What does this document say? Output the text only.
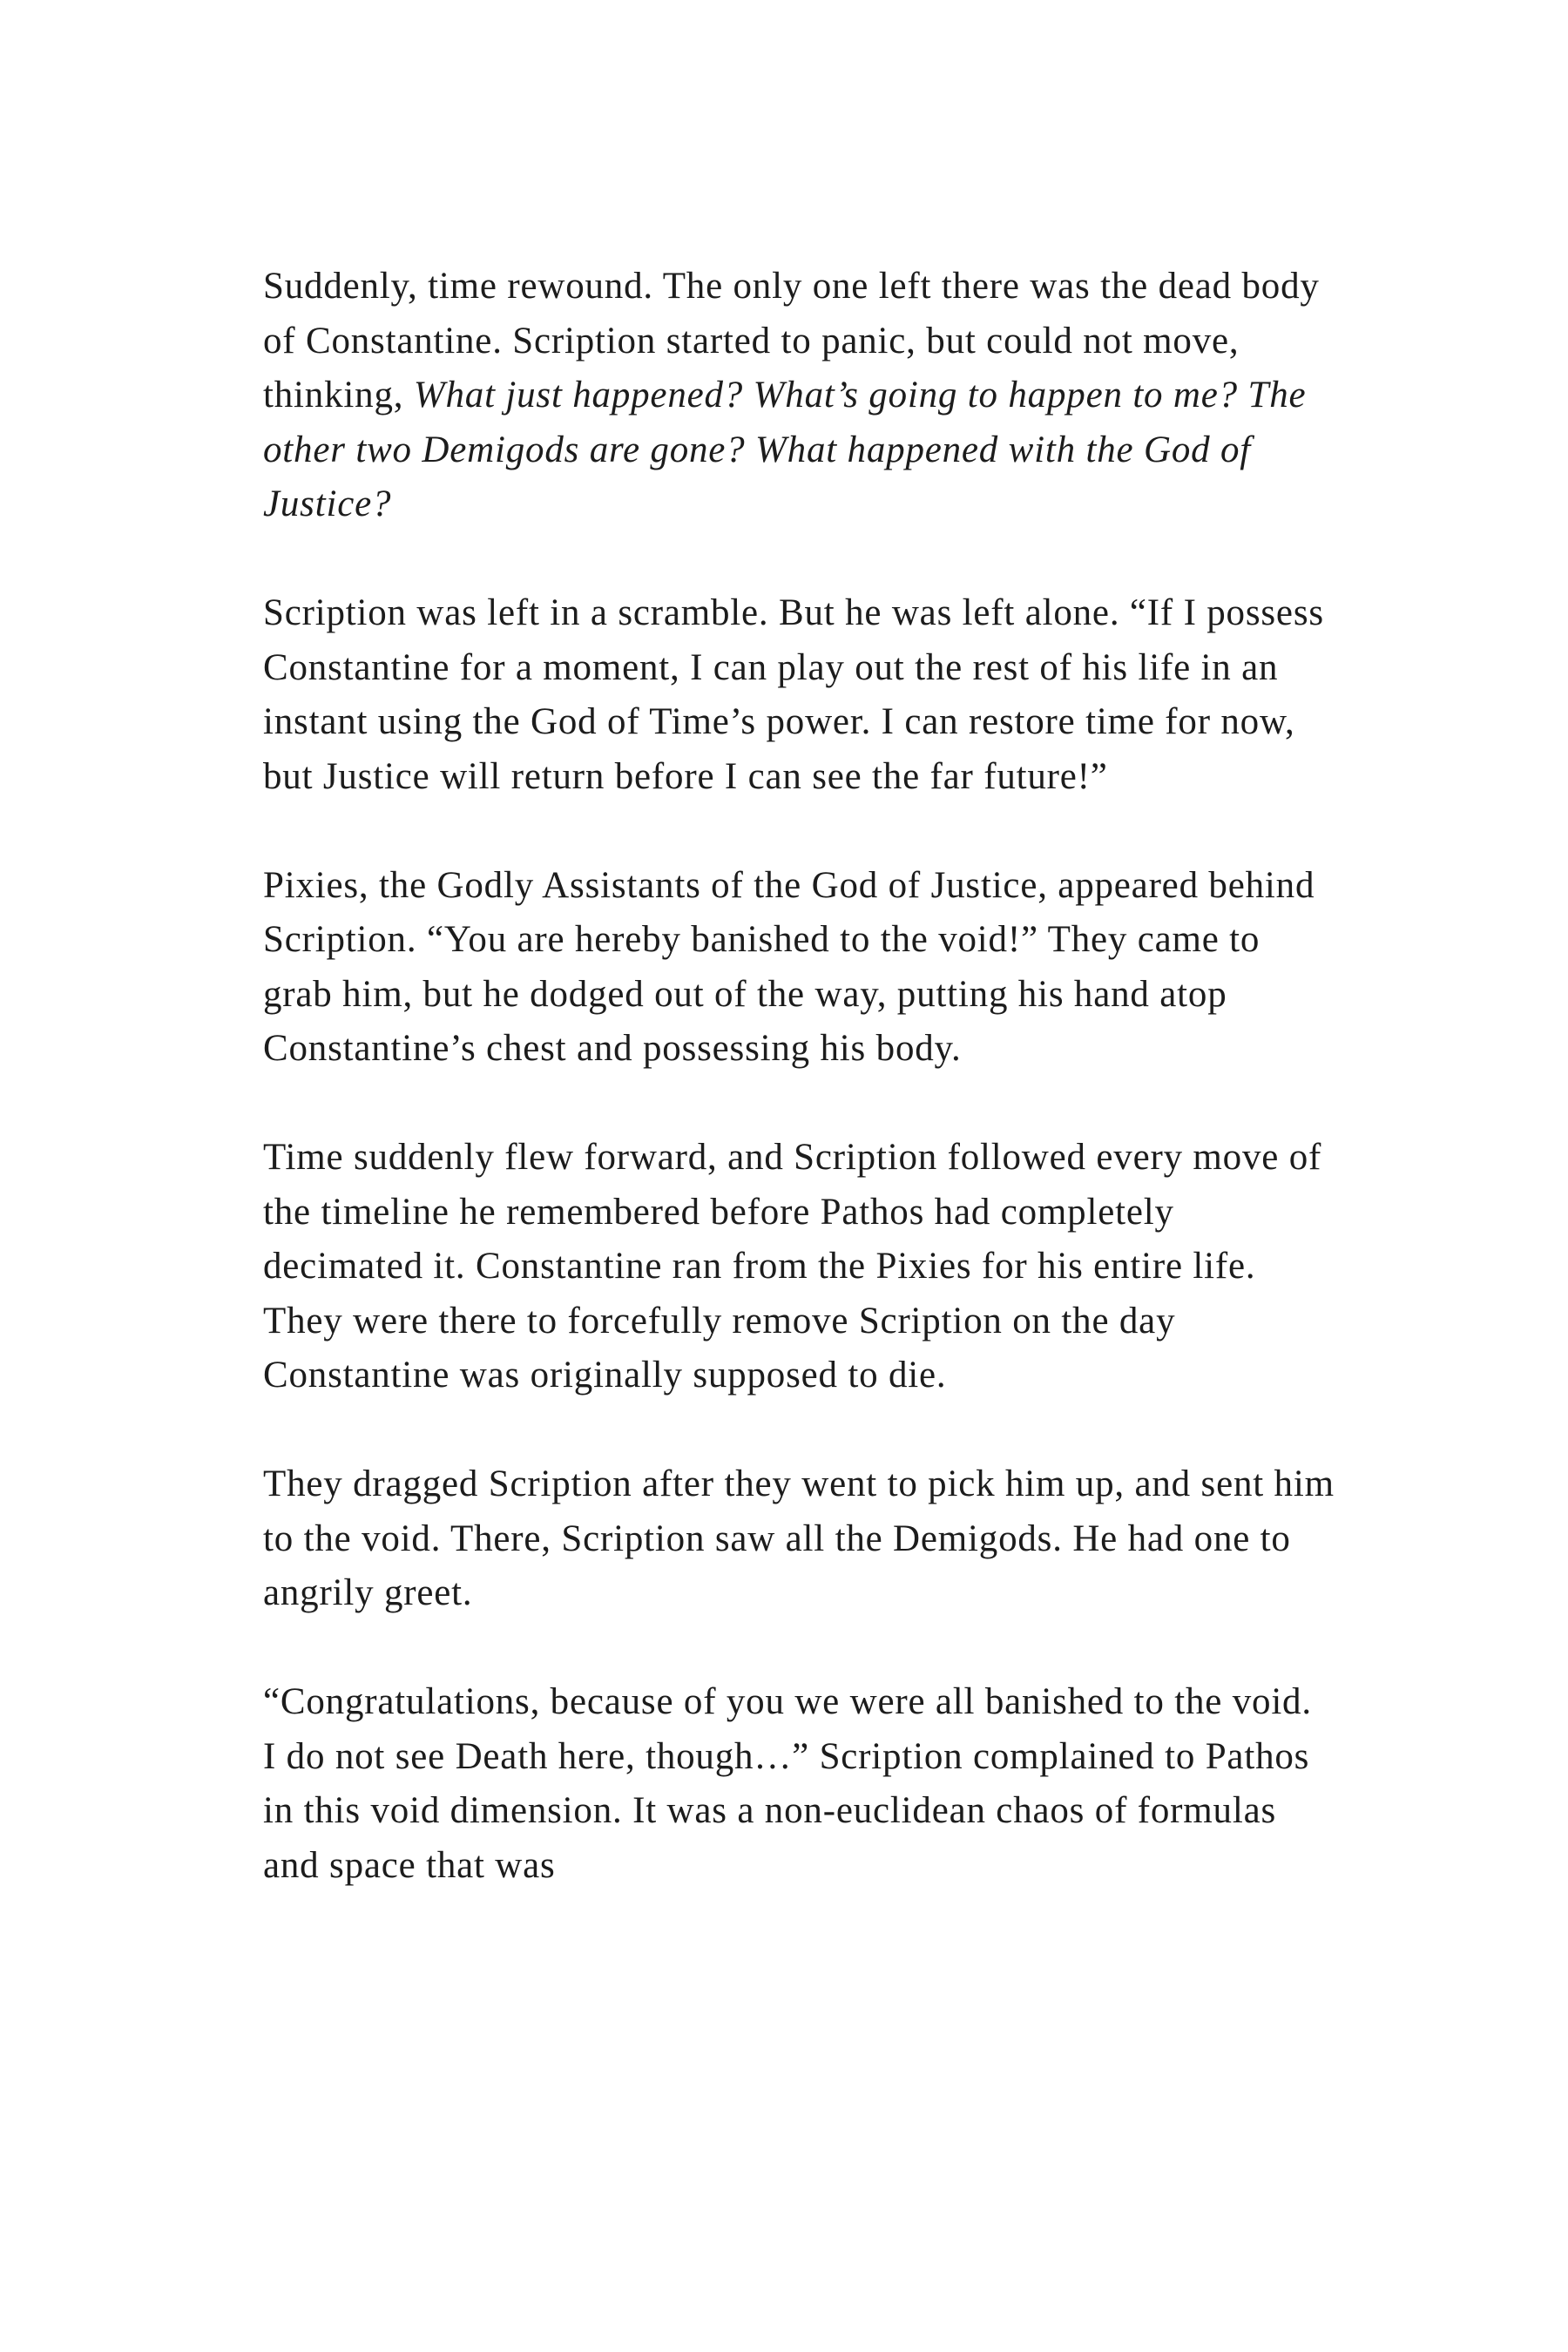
Suddenly, time rewound. The only one left there was the dead body of Constantine. Scription started to panic, but could not move, thinking, What just happened? What’s going to happen to me? The other two Demigods are gone? What happened with the God of Justice?

Scription was left in a scramble. But he was left alone. “If I possess Constantine for a moment, I can play out the rest of his life in an instant using the God of Time’s power. I can restore time for now, but Justice will return before I can see the far future!”

Pixies, the Godly Assistants of the God of Justice, appeared behind Scription. “You are hereby banished to the void!” They came to grab him, but he dodged out of the way, putting his hand atop Constantine’s chest and possessing his body.

Time suddenly flew forward, and Scription followed every move of the timeline he remembered before Pathos had completely decimated it. Constantine ran from the Pixies for his entire life. They were there to forcefully remove Scription on the day Constantine was originally supposed to die.

They dragged Scription after they went to pick him up, and sent him to the void. There, Scription saw all the Demigods. He had one to angrily greet.

“Congratulations, because of you we were all banished to the void. I do not see Death here, though…” Scription complained to Pathos in this void dimension. It was a non-euclidean chaos of formulas and space that was
